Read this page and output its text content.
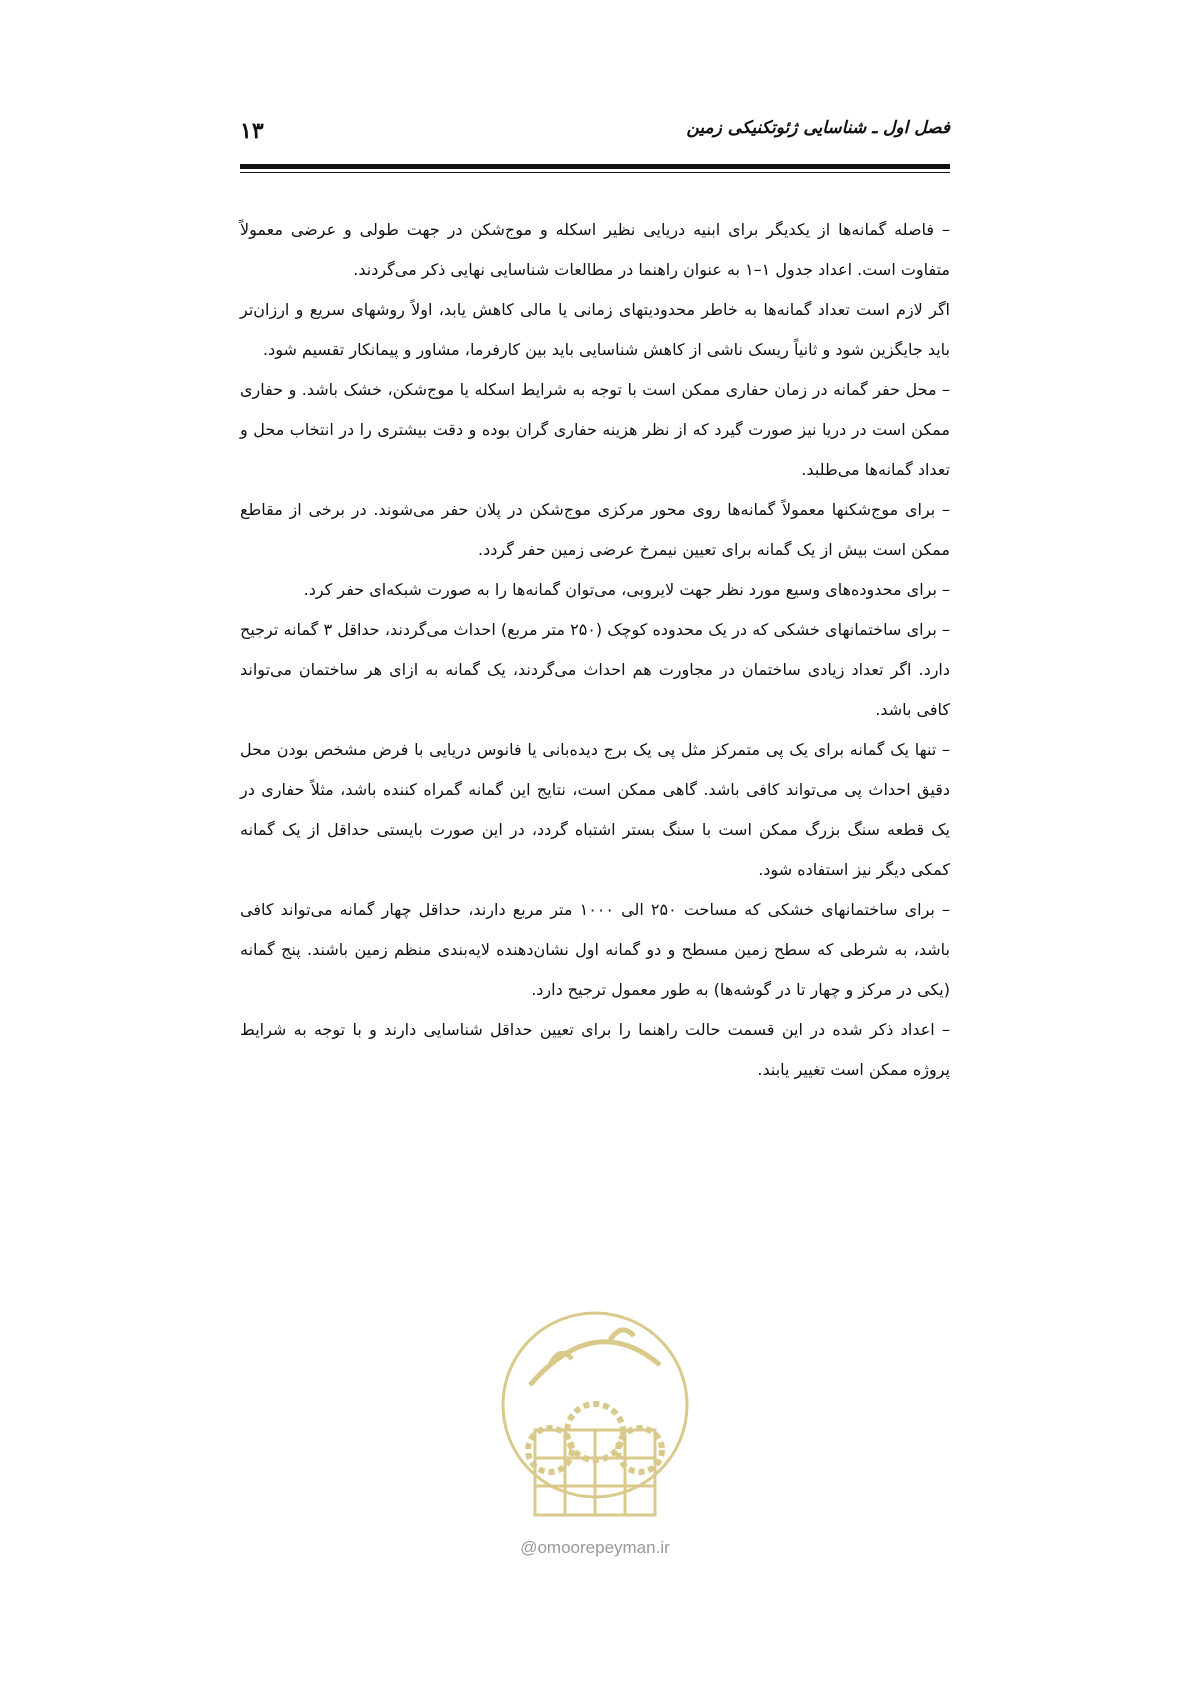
فصل اول ـ شناسایی ژئوتکنیکی زمین
۱۳

– فاصله گمانه‌ها از یکدیگر برای ابنیه دریایی نظیر اسکله و موج‌شکن در جهت طولی و عرضی معمولاً متفاوت است. اعداد جدول ۱–۱ به عنوان راهنما در مطالعات شناسایی نهایی ذکر می‌گردند.

اگر لازم است تعداد گمانه‌ها به خاطر محدودیتهای زمانی یا مالی کاهش یابد، اولاً روشهای سریع و ارزان‌تر باید جایگزین شود و ثانیاً ریسک ناشی از کاهش شناسایی باید بین کارفرما، مشاور و پیمانکار تقسیم شود.

– محل حفر گمانه در زمان حفاری ممکن است با توجه به شرایط اسکله یا موج‌شکن، خشک باشد. و حفاری ممکن است در دریا نیز صورت گیرد که از نظر هزینه حفاری گران بوده و دقت بیشتری را در انتخاب محل و تعداد گمانه‌ها می‌طلبد.

– برای موج‌شکنها معمولاً گمانه‌ها روی محور مرکزی موج‌شکن در پلان حفر می‌شوند. در برخی از مقاطع ممکن است بیش از یک گمانه برای تعیین نیمرخ عرضی زمین حفر گردد.

– برای محدوده‌های وسیع مورد نظر جهت لایروبی، می‌توان گمانه‌ها را به صورت شبکه‌ای حفر کرد.

– برای ساختمانهای خشکی که در یک محدوده کوچک (۲۵۰ متر مربع) احداث می‌گردند، حداقل ۳ گمانه ترجیح دارد. اگر تعداد زیادی ساختمان در مجاورت هم احداث می‌گردند، یک گمانه به ازای هر ساختمان می‌تواند کافی باشد.

– تنها یک گمانه برای یک پی متمرکز مثل پی یک برج دیده‌بانی یا فانوس دریایی با فرض مشخص بودن محل دقیق احداث پی می‌تواند کافی باشد. گاهی ممکن است، نتایج این گمانه گمراه کننده باشد، مثلاً حفاری در یک قطعه سنگ بزرگ ممکن است با سنگ بستر اشتباه گردد، در این صورت بایستی حداقل از یک گمانه کمکی دیگر نیز استفاده شود.

– برای ساختمانهای خشکی که مساحت ۲۵۰ الی ۱۰۰۰ متر مربع دارند، حداقل چهار گمانه می‌تواند کافی باشد، به شرطی که سطح زمین مسطح و دو گمانه اول نشان‌دهنده لایه‌بندی منظم زمین باشند. پنج گمانه (یکی در مرکز و چهار تا در گوشه‌ها) به طور معمول ترجیح دارد.

– اعداد ذکر شده در این قسمت حالت راهنما را برای تعیین حداقل شناسایی دارند و با توجه به شرایط پروژه ممکن است تغییر یابند.

@omoorepeyman.ir
